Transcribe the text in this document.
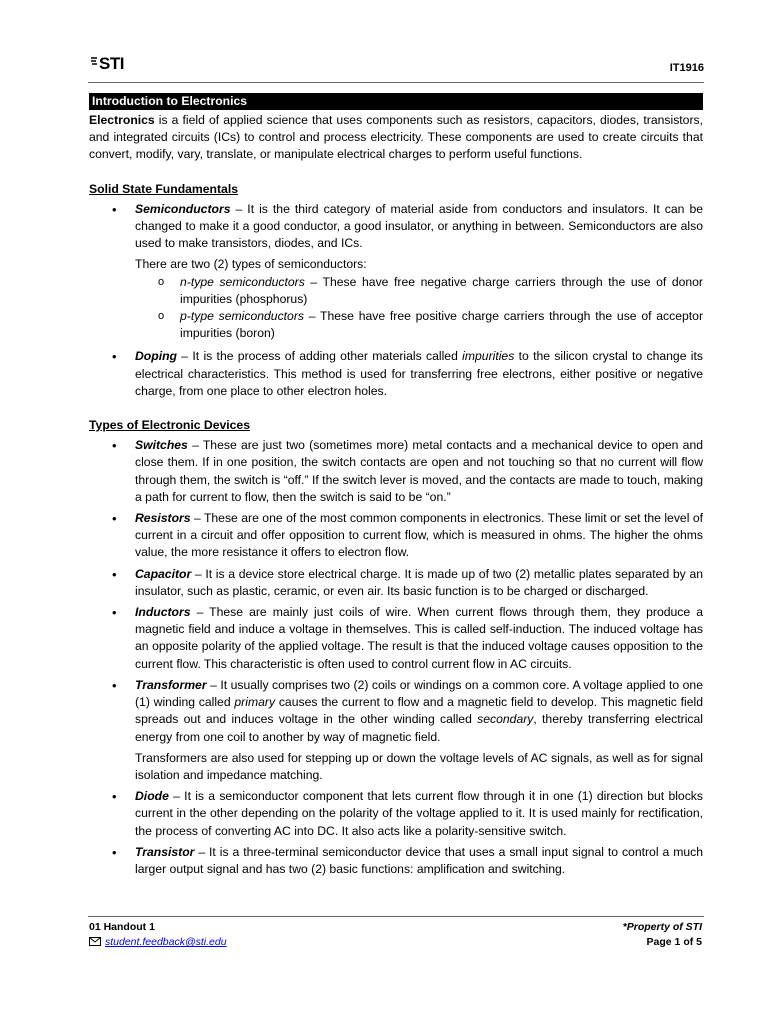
STI	IT1916
Introduction to Electronics

Electronics is a field of applied science that uses components such as resistors, capacitors, diodes, transistors, and integrated circuits (ICs) to control and process electricity. These components are used to create circuits that convert, modify, vary, translate, or manipulate electrical charges to perform useful functions.

Solid State Fundamentals
• Semiconductors – It is the third category of material aside from conductors and insulators. It can be changed to make it a good conductor, a good insulator, or anything in between. Semiconductors are also used to make transistors, diodes, and ICs.
There are two (2) types of semiconductors:
o n-type semiconductors – These have free negative charge carriers through the use of donor impurities (phosphorus)
o p-type semiconductors – These have free positive charge carriers through the use of acceptor impurities (boron)
• Doping – It is the process of adding other materials called impurities to the silicon crystal to change its electrical characteristics. This method is used for transferring free electrons, either positive or negative charge, from one place to other electron holes.
Types of Electronic Devices
• Switches – These are just two (sometimes more) metal contacts and a mechanical device to open and close them. If in one position, the switch contacts are open and not touching so that no current will flow through them, the switch is “off.” If the switch lever is moved, and the contacts are made to touch, making a path for current to flow, then the switch is said to be “on.”
• Resistors – These are one of the most common components in electronics. These limit or set the level of current in a circuit and offer opposition to current flow, which is measured in ohms. The higher the ohms value, the more resistance it offers to electron flow.
• Capacitor – It is a device store electrical charge. It is made up of two (2) metallic plates separated by an insulator, such as plastic, ceramic, or even air. Its basic function is to be charged or discharged.
• Inductors – These are mainly just coils of wire. When current flows through them, they produce a magnetic field and induce a voltage in themselves. This is called self-induction. The induced voltage has an opposite polarity of the applied voltage. The result is that the induced voltage causes opposition to the current flow. This characteristic is often used to control current flow in AC circuits.
• Transformer – It usually comprises two (2) coils or windings on a common core. A voltage applied to one (1) winding called primary causes the current to flow and a magnetic field to develop. This magnetic field spreads out and induces voltage in the other winding called secondary, thereby transferring electrical energy from one coil to another by way of magnetic field.
Transformers are also used for stepping up or down the voltage levels of AC signals, as well as for signal isolation and impedance matching.
• Diode – It is a semiconductor component that lets current flow through it in one (1) direction but blocks current in the other depending on the polarity of the voltage applied to it. It is used mainly for rectification, the process of converting AC into DC. It also acts like a polarity-sensitive switch.
• Transistor – It is a three-terminal semiconductor device that uses a small input signal to control a much larger output signal and has two (2) basic functions: amplification and switching.
01 Handout 1
student.feedback@sti.edu
*Property of STI
Page 1 of 5
